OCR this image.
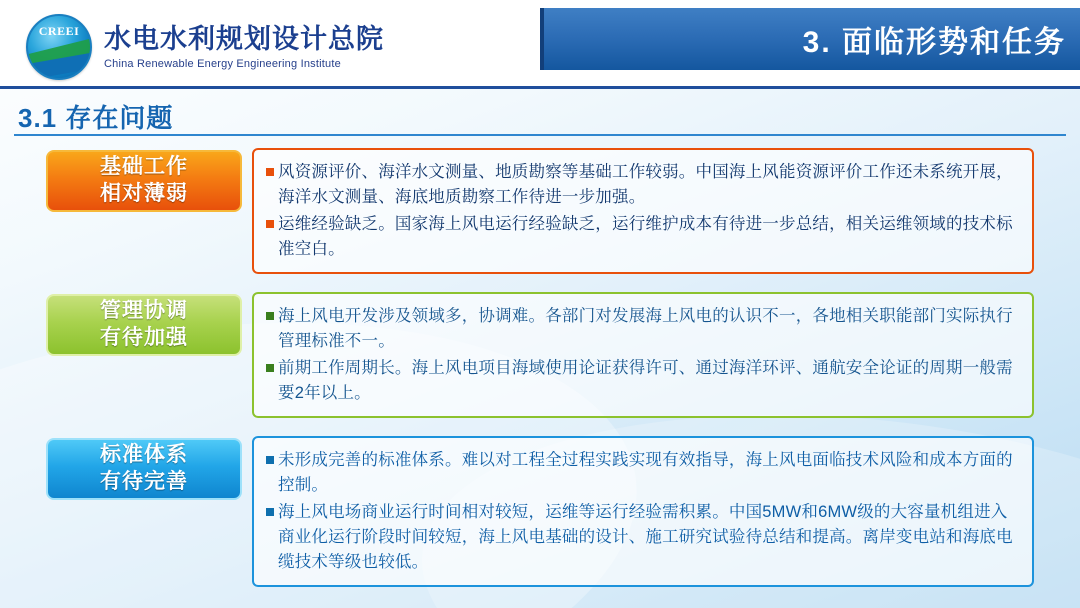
CREEI 水电水利规划设计总院
China Renewable Energy Engineering Institute
3. 面临形势和任务
3.1 存在问题
基础工作
相对薄弱
风资源评价、海洋水文测量、地质勘察等基础工作较弱。中国海上风能资源评价工作还未系统开展，海洋水文测量、海底地质勘察工作待进一步加强。
运维经验缺乏。国家海上风电运行经验缺乏，运行维护成本有待进一步总结，相关运维领域的技术标准空白。
管理协调
有待加强
海上风电开发涉及领域多，协调难。各部门对发展海上风电的认识不一，各地相关职能部门实际执行管理标准不一。
前期工作周期长。海上风电项目海域使用论证获得许可、通过海洋环评、通航安全论证的周期一般需要2年以上。
标准体系
有待完善
未形成完善的标准体系。难以对工程全过程实践实现有效指导，海上风电面临技术风险和成本方面的控制。
海上风电场商业运行时间相对较短，运维等运行经验需积累。中国5MW和6MW级的大容量机组进入商业化运行阶段时间较短，海上风电基础的设计、施工研究试验待总结和提高。离岸变电站和海底电缆技术等级也较低。
